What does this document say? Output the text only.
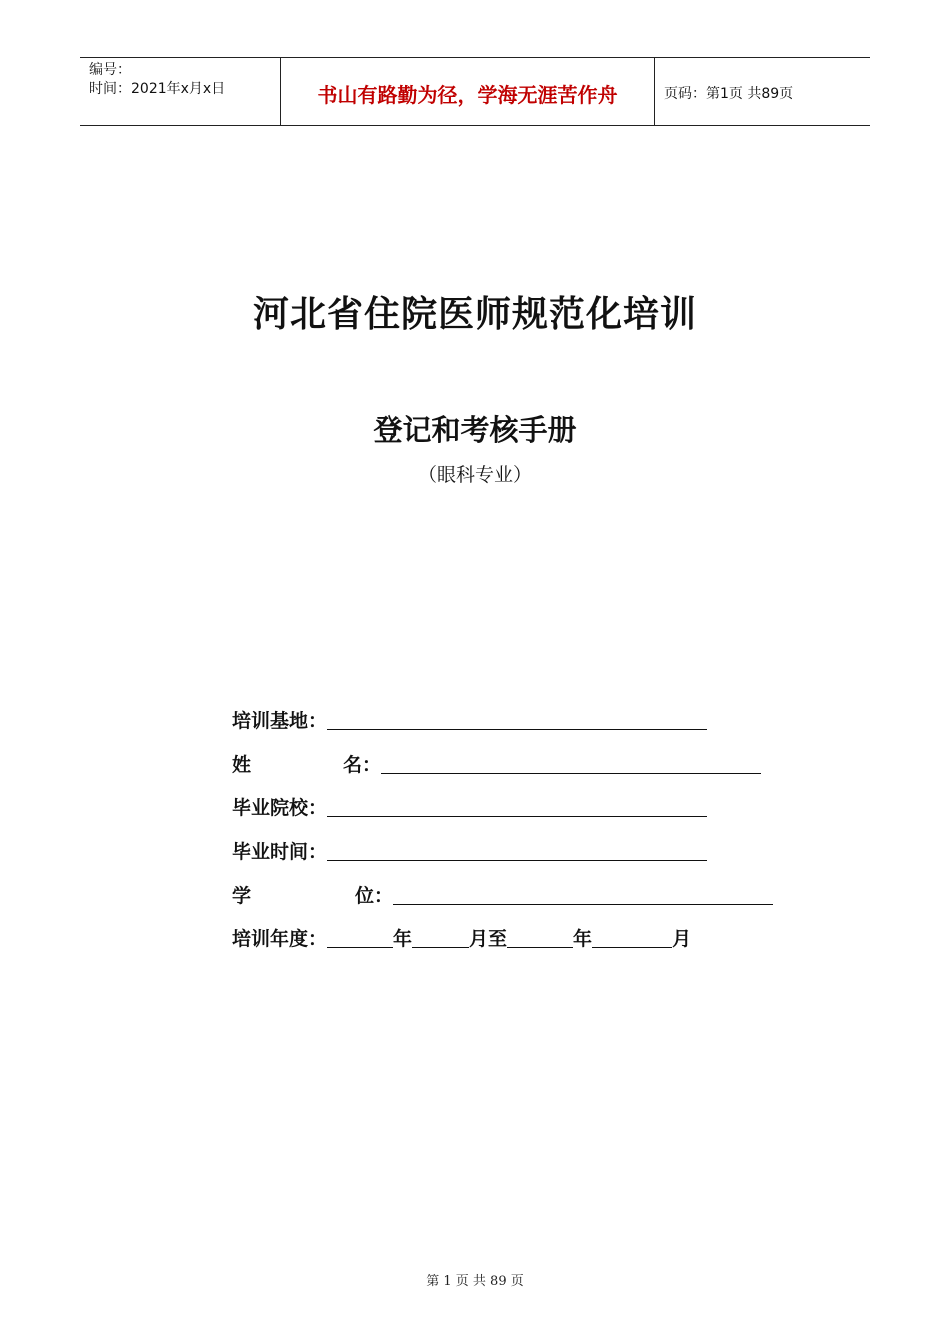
编号：
时间：2021年x月x日	书山有路勤为径，学海无涯苦作舟	页码：第1页 共89页
河北省住院医师规范化培训
登记和考核手册
（眼科专业）
培训基地：
姓	名：
毕业院校：
毕业时间：
学	位：
培训年度：	年	月至	年	月
第 1 页 共 89 页
